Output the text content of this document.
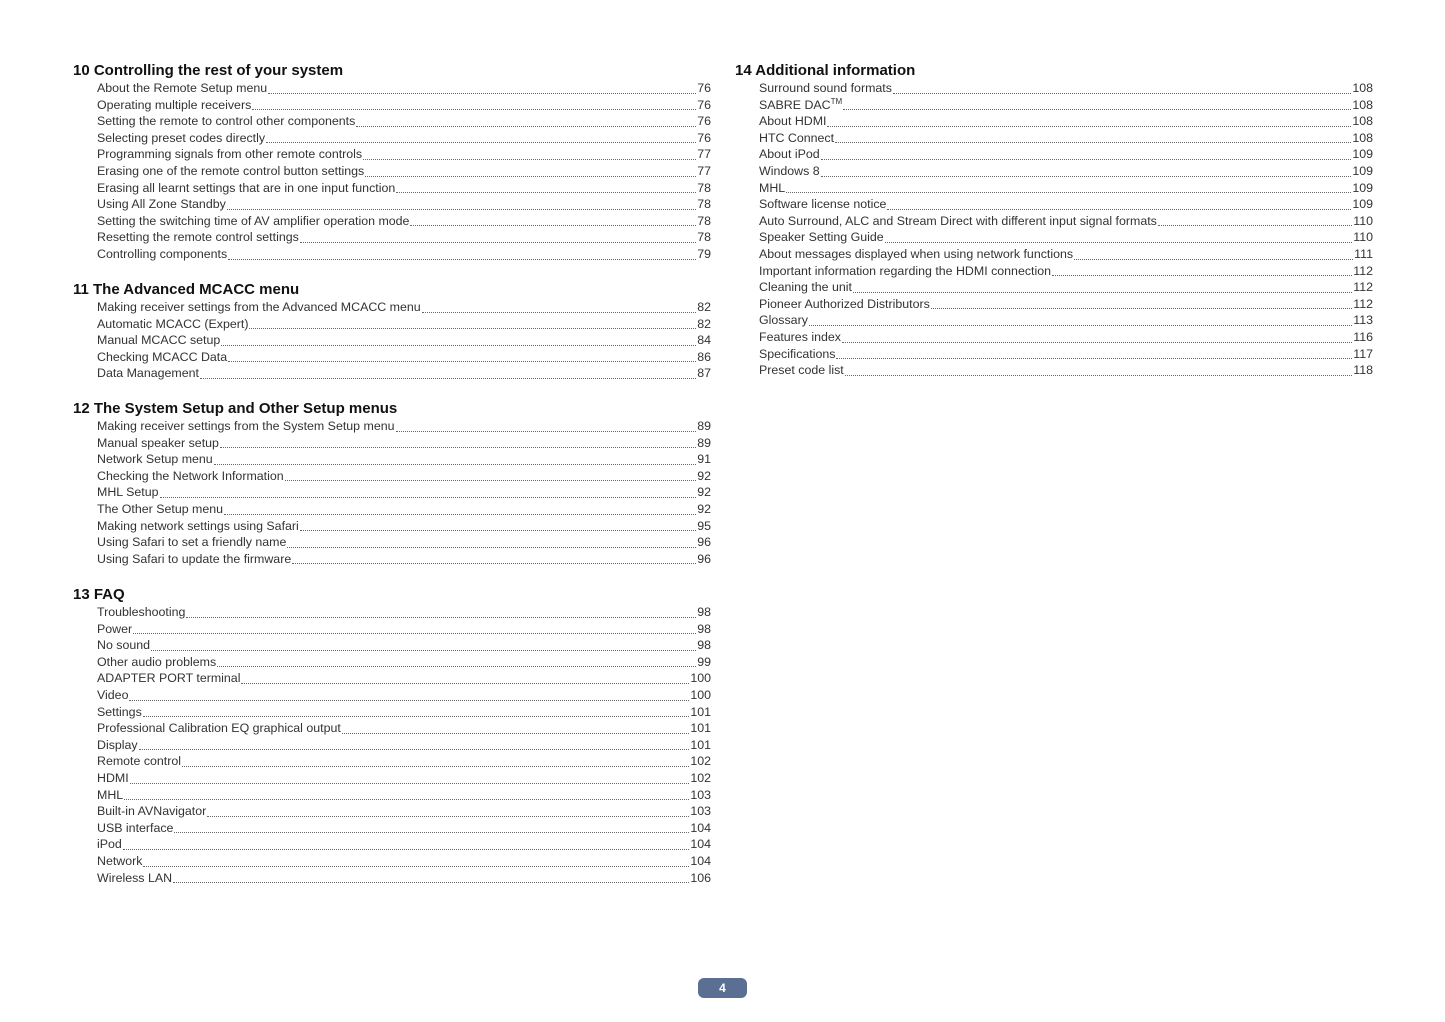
10 Controlling the rest of your system
About the Remote Setup menu	76
Operating multiple receivers	76
Setting the remote to control other components	76
Selecting preset codes directly	76
Programming signals from other remote controls	77
Erasing one of the remote control button settings	77
Erasing all learnt settings that are in one input function	78
Using All Zone Standby	78
Setting the switching time of AV amplifier operation mode	78
Resetting the remote control settings	78
Controlling components	79
11 The Advanced MCACC menu
Making receiver settings from the Advanced MCACC menu	82
Automatic MCACC (Expert)	82
Manual MCACC setup	84
Checking MCACC Data	86
Data Management	87
12 The System Setup and Other Setup menus
Making receiver settings from the System Setup menu	89
Manual speaker setup	89
Network Setup menu	91
Checking the Network Information	92
MHL Setup	92
The Other Setup menu	92
Making network settings using Safari	95
Using Safari to set a friendly name	96
Using Safari to update the firmware	96
13 FAQ
Troubleshooting	98
Power	98
No sound	98
Other audio problems	99
ADAPTER PORT terminal	100
Video	100
Settings	101
Professional Calibration EQ graphical output	101
Display	101
Remote control	102
HDMI	102
MHL	103
Built-in AVNavigator	103
USB interface	104
iPod	104
Network	104
Wireless LAN	106
14 Additional information
Surround sound formats	108
SABRE DAC™	108
About HDMI	108
HTC Connect	108
About iPod	109
Windows 8	109
MHL	109
Software license notice	109
Auto Surround, ALC and Stream Direct with different input signal formats	110
Speaker Setting Guide	110
About messages displayed when using network functions	111
Important information regarding the HDMI connection	112
Cleaning the unit	112
Pioneer Authorized Distributors	112
Glossary	113
Features index	116
Specifications	117
Preset code list	118
4
